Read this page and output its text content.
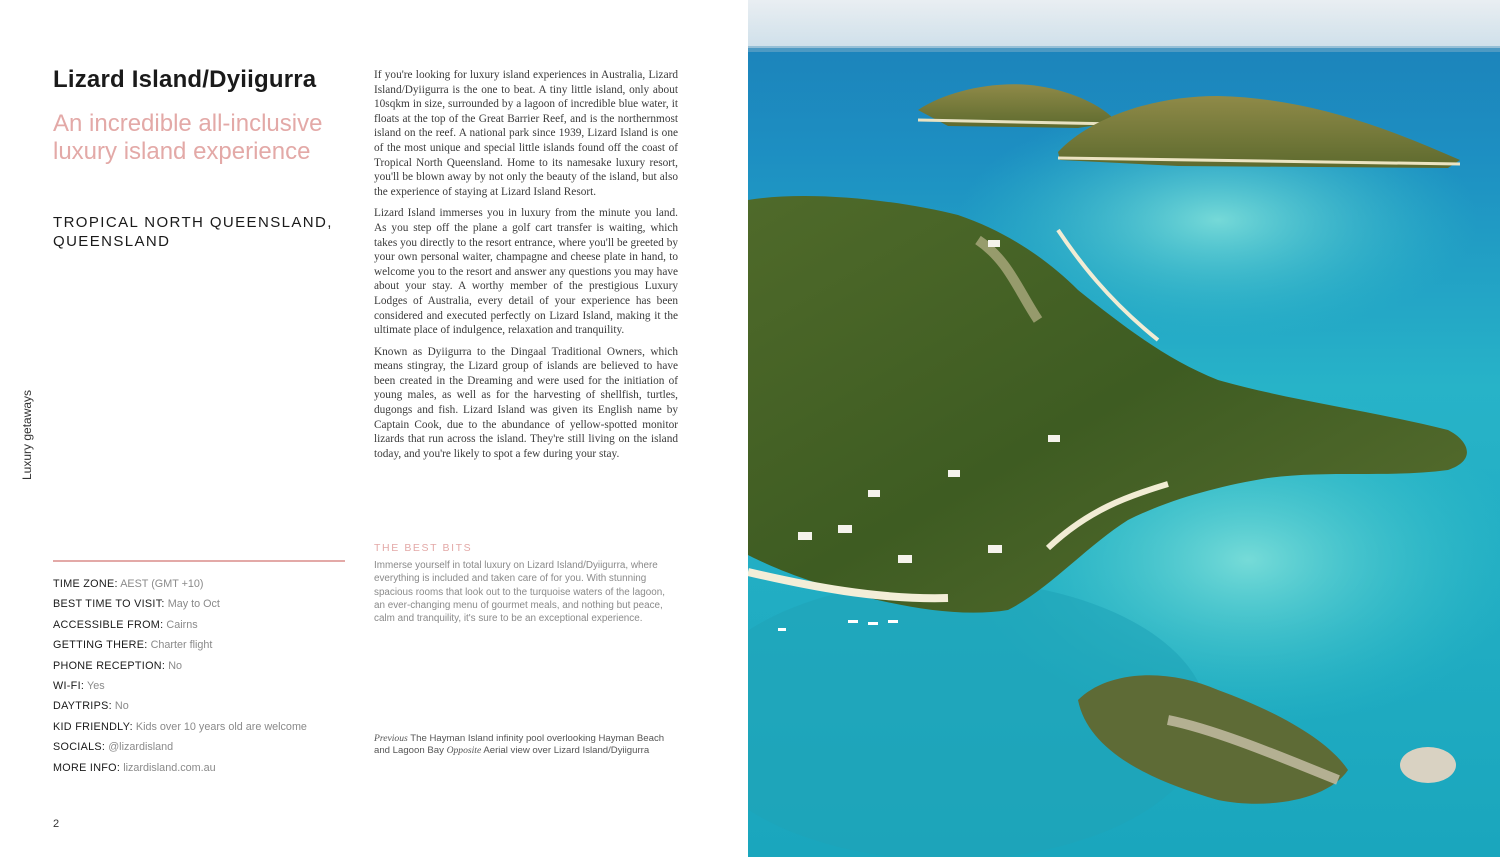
Lizard Island/Dyiigurra
An incredible all-inclusive luxury island experience
TROPICAL NORTH QUEENSLAND, QUEENSLAND
Luxury getaways

If you're looking for luxury island experiences in Australia, Lizard Island/Dyiigurra is the one to beat. A tiny little island, only about 10sqkm in size, surrounded by a lagoon of incredible blue water, it floats at the top of the Great Barrier Reef, and is the northernmost island on the reef. A national park since 1939, Lizard Island is one of the most unique and special little islands found off the coast of Tropical North Queensland. Home to its namesake luxury resort, you'll be blown away by not only the beauty of the island, but also the experience of staying at Lizard Island Resort.

Lizard Island immerses you in luxury from the minute you land. As you step off the plane a golf cart transfer is waiting, which takes you directly to the resort entrance, where you'll be greeted by your own personal waiter, champagne and cheese plate in hand, to welcome you to the resort and answer any questions you may have about your stay. A worthy member of the prestigious Luxury Lodges of Australia, every detail of your experience has been considered and executed perfectly on Lizard Island, making it the ultimate place of indulgence, relaxation and tranquility.

Known as Dyiigurra to the Dingaal Traditional Owners, which means stingray, the Lizard group of islands are believed to have been created in the Dreaming and were used for the initiation of young males, as well as for the harvesting of shellfish, turtles, dugongs and fish. Lizard Island was given its English name by Captain Cook, due to the abundance of yellow-spotted monitor lizards that run across the island. They're still living on the island today, and you're likely to spot a few during your stay.

TIME ZONE: AEST (GMT +10)
BEST TIME TO VISIT: May to Oct
ACCESSIBLE FROM: Cairns
GETTING THERE: Charter flight
PHONE RECEPTION: No
WI-FI: Yes
DAYTRIPS: No
KID FRIENDLY: Kids over 10 years old are welcome
SOCIALS: @lizardisland
MORE INFO: lizardisland.com.au
THE BEST BITS

Immerse yourself in total luxury on Lizard Island/Dyiigurra, where everything is included and taken care of for you. With stunning spacious rooms that look out to the turquoise waters of the lagoon, an ever-changing menu of gourmet meals, and nothing but peace, calm and tranquility, it's sure to be an exceptional experience.

Previous The Hayman Island infinity pool overlooking Hayman Beach and Lagoon Bay Opposite Aerial view over Lizard Island/Dyiigurra

2
